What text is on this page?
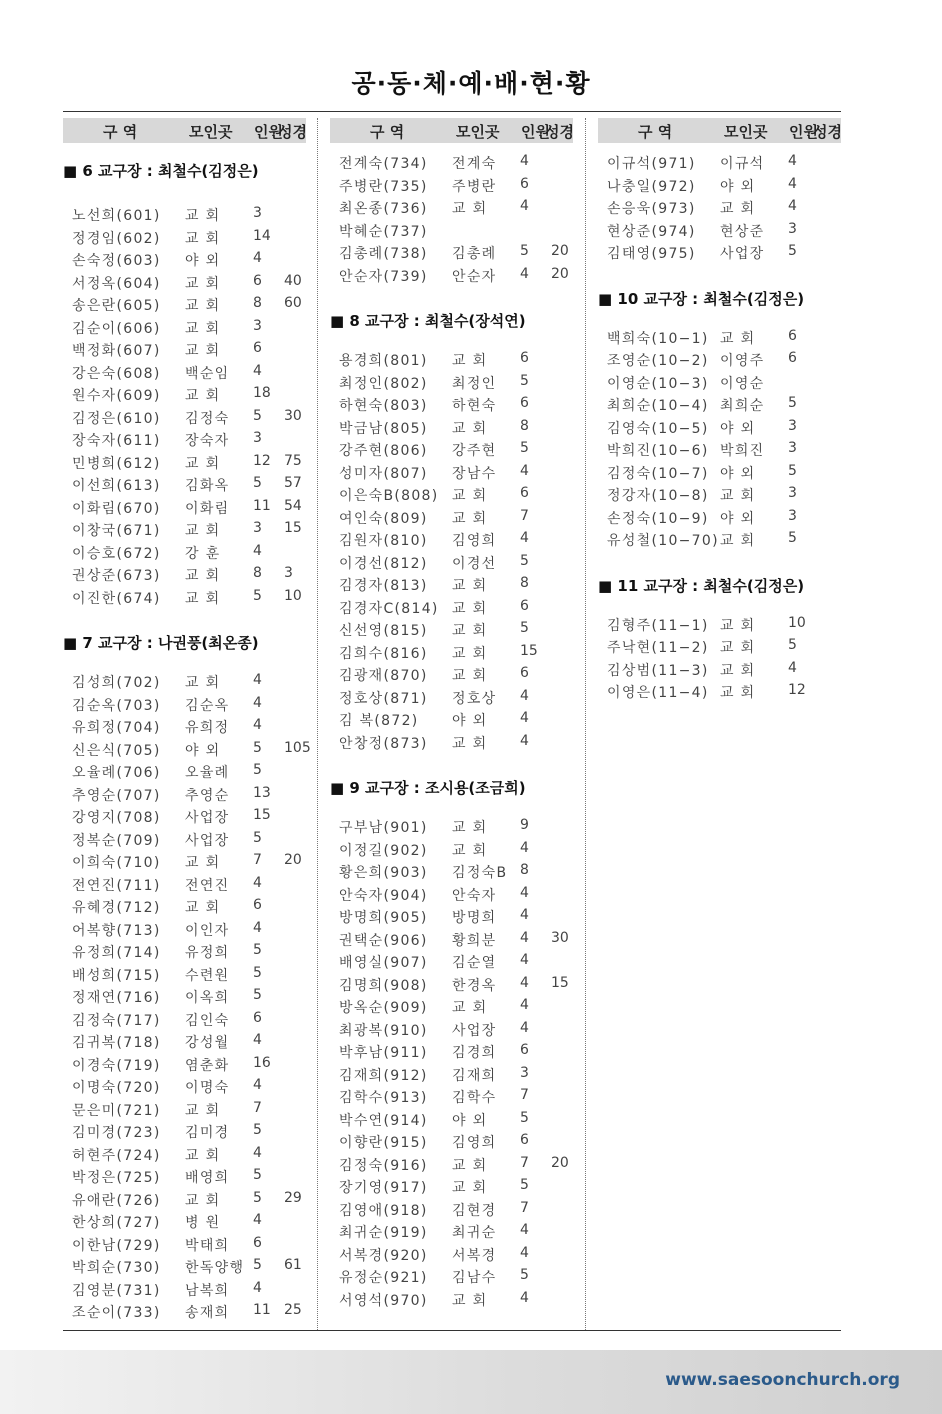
공·동·체·예·배·현·황
구 역	모인곳 인원
성경
■ 6 교구장 : 최철수(김정은)
노선희(601) 교 회 3
정경임(602) 교 회 14
손숙정(603) 야 외 4
서정옥(604) 교 회 6 40
송은란(605) 교 회 8 60
김순이(606) 교 회 3
백정화(607) 교 회 6
강은숙(608) 백순임 4
원수자(609) 교 회 18
김정은(610) 김정숙 5 30
장숙자(611) 장숙자 3
민병희(612) 교 회 12 75
이선희(613) 김화옥 5 57
이화림(670) 이화림 11 54
이창국(671) 교 회 3 15
이승호(672) 강 훈 4
권상준(673) 교 회 8 3
이진한(674) 교 회 5 10
■ 7 교구장 : 나권풍(최온종)
김성희(702) 교 회 4
김순옥(703) 김순옥 4
유희정(704) 유희정 4
신은식(705) 야 외 5 105
오율례(706) 오율례 5
추영순(707) 추영순 13
강영지(708) 사업장 15
정복순(709) 사업장 5
이희숙(710) 교 회 7 20
전연진(711) 전연진 4
유혜경(712) 교 회 6
어복향(713) 이인자 4
유정희(714) 유정희 5
배성희(715) 수련원 5
정재연(716) 이옥희 5
김정숙(717) 김인숙 6
김귀복(718) 강성월 4
이경숙(719) 염춘화 16
이명숙(720) 이명숙 4
문은미(721) 교 회 7
김미경(723) 김미경 5
허현주(724) 교 회 4
박정은(725) 배영희 5
유애란(726) 교 회 5 29
한상희(727) 병 원 4
이한남(729) 박태희 6
박희순(730) 한독양행 5 61
김영분(731) 남복희 4
조순이(733) 송재희 11 25
구 역	모인곳 인원
성경
전계숙(734) 전계숙 4
주병란(735) 주병란 6
최온종(736) 교 회 4
박혜순(737)
김총례(738) 김총례 5 20
안순자(739) 안순자 4 20
■ 8 교구장 : 최철수(장석연)
용경희(801) 교 회 6
최정인(802) 최정인 5
하현숙(803) 하현숙 6
박금남(805) 교 회 8
강주현(806) 강주현 5
성미자(807) 장남수 4
이은숙B(808) 교 회 6
여인숙(809) 교 회 7
김원자(810) 김영희 4
이경선(812) 이경선 5
김경자(813) 교 회 8
김경자C(814) 교 회 6
신선영(815) 교 회 5
김희수(816) 교 회 15
김광재(870) 교 회 6
정호상(871) 정호상 4
김 복(872) 야 외 4
안창정(873) 교 회 4
■ 9 교구장 : 조시용(조금희)
구부남(901) 교 회 9
이정길(902) 교 회 4
황은희(903) 김정숙B 8
안숙자(904) 안숙자 4
방명희(905) 방명희 4
권택순(906) 황희분 4 30
배영실(907) 김순열 4
김명희(908) 한경옥 4 15
방옥순(909) 교 회 4
최광복(910) 사업장 4
박후남(911) 김경희 6
김재희(912) 김재희 3
김학수(913) 김학수 7
박수연(914) 야 외 5
이향란(915) 김영희 6
김정숙(916) 교 회 7 20
장기영(917) 교 회 5
김영애(918) 김현경 7
최귀순(919) 최귀순 4
서복경(920) 서복경 4
유정순(921) 김남수 5
서영석(970) 교 회 4
구 역	모인곳 인원
성경
이규석(971) 이규석 4
나충일(972) 야 외 4
손응욱(973) 교 회 4
현상준(974) 현상준 3
김태영(975) 사업장 5
■ 10 교구장 : 최철수(김정은)
백희숙(10−1) 교 회 6
조영순(10−2) 이영주 6
이영순(10−3) 이영순
최희순(10−4) 최희순 5
김영숙(10−5) 야 외 3
박희진(10−6) 박희진 3
김정숙(10−7) 야 외 5
정강자(10−8) 교 회 3
손정숙(10−9) 야 외 3
유성철(10−70) 교 회 5
■ 11 교구장 : 최철수(김정은)
김형주(11−1) 교 회 10
주낙현(11−2) 교 회 5
김상범(11−3) 교 회 4
이영은(11−4) 교 회 12
www.saesoonchurch.org
